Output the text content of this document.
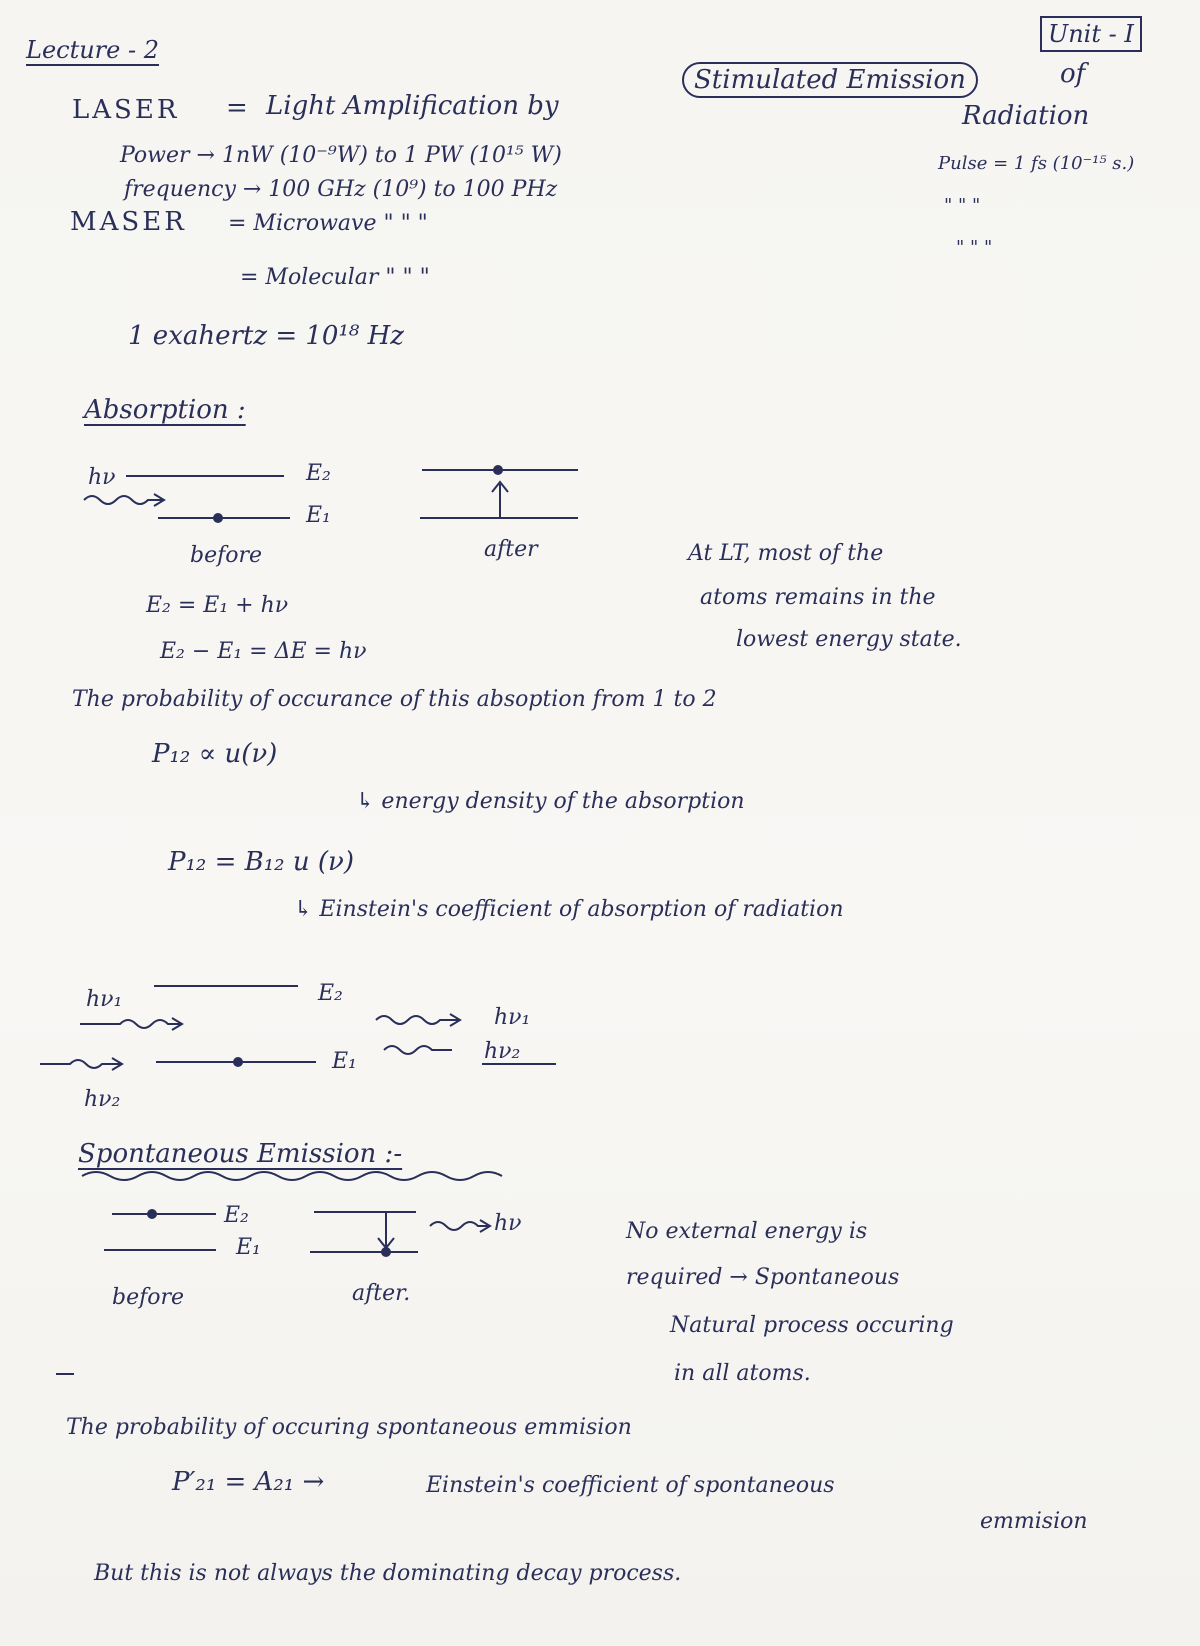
Lecture - 2
Unit - I
LASER = Light Amplification by
Stimulated Emission	of
Radiation
Power → 1nW (10⁻⁹W) to 1 PW (10¹⁵ W)	Pulse = 1 fs (10⁻¹⁵ s.)
frequency → 100 GHz (10⁹) to 100 PHz
" " "
MASER = Microwave " " "
" " "
= Molecular " " "
1 exahertz = 10¹⁸ Hz
Absorption :
hν	E₂
E₁
before	after
E₂ = E₁ + hν
E₂ − E₁ = ΔE = hν
At LT, most of the
atoms remains in the
lowest energy state.
The probability of occurance of this absoption from 1 to 2
P₁₂ ∝ u(ν)
↳ energy density of the absorption
P₁₂ = B₁₂ u (ν)
↳ Einstein's coefficient of absorption of radiation
hν₁	E₂
E₁
hν₂
hν₁
hν₂
Spontaneous Emission :-
E₂
E₁
hν
before	after.
No external energy is
required → Spontaneous
Natural process occuring
in all atoms.
The probability of occuring spontaneous emmision
P′₂₁ = A₂₁ →	Einstein's coefficient of spontaneous
emmision
But this is not always the dominating decay process.
